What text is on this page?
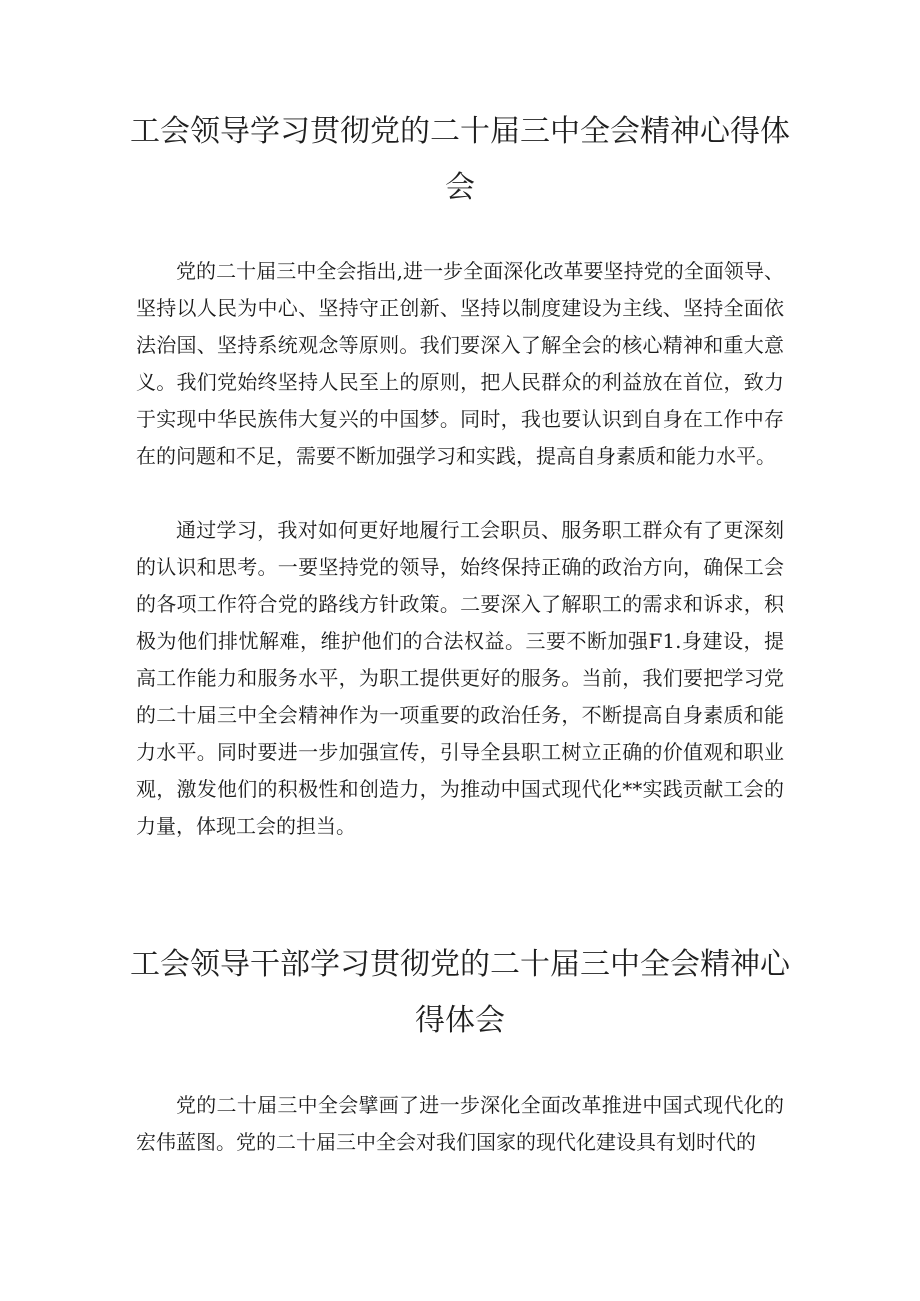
工会领导学习贯彻党的二十届三中全会精神心得体会

党的二十届三中全会指出,进一步全面深化改革要坚持党的全面领导、坚持以人民为中心、坚持守正创新、坚持以制度建设为主线、坚持全面依法治国、坚持系统观念等原则。我们要深入了解全会的核心精神和重大意义。我们党始终坚持人民至上的原则，把人民群众的利益放在首位，致力于实现中华民族伟大复兴的中国梦。同时，我也要认识到自身在工作中存在的问题和不足，需要不断加强学习和实践，提高自身素质和能力水平。

通过学习，我对如何更好地履行工会职员、服务职工群众有了更深刻的认识和思考。一要坚持党的领导，始终保持正确的政治方向，确保工会的各项工作符合党的路线方针政策。二要深入了解职工的需求和诉求，积极为他们排忧解难，维护他们的合法权益。三要不断加强F1.身建设，提高工作能力和服务水平，为职工提供更好的服务。当前，我们要把学习党的二十届三中全会精神作为一项重要的政治任务，不断提高自身素质和能力水平。同时要进一步加强宣传，引导全县职工树立正确的价值观和职业观，激发他们的积极性和创造力，为推动中国式现代化**实践贡献工会的力量，体现工会的担当。

工会领导干部学习贯彻党的二十届三中全会精神心得体会

党的二十届三中全会擘画了进一步深化全面改革推进中国式现代化的宏伟蓝图。党的二十届三中全会对我们国家的现代化建设具有划时代的
